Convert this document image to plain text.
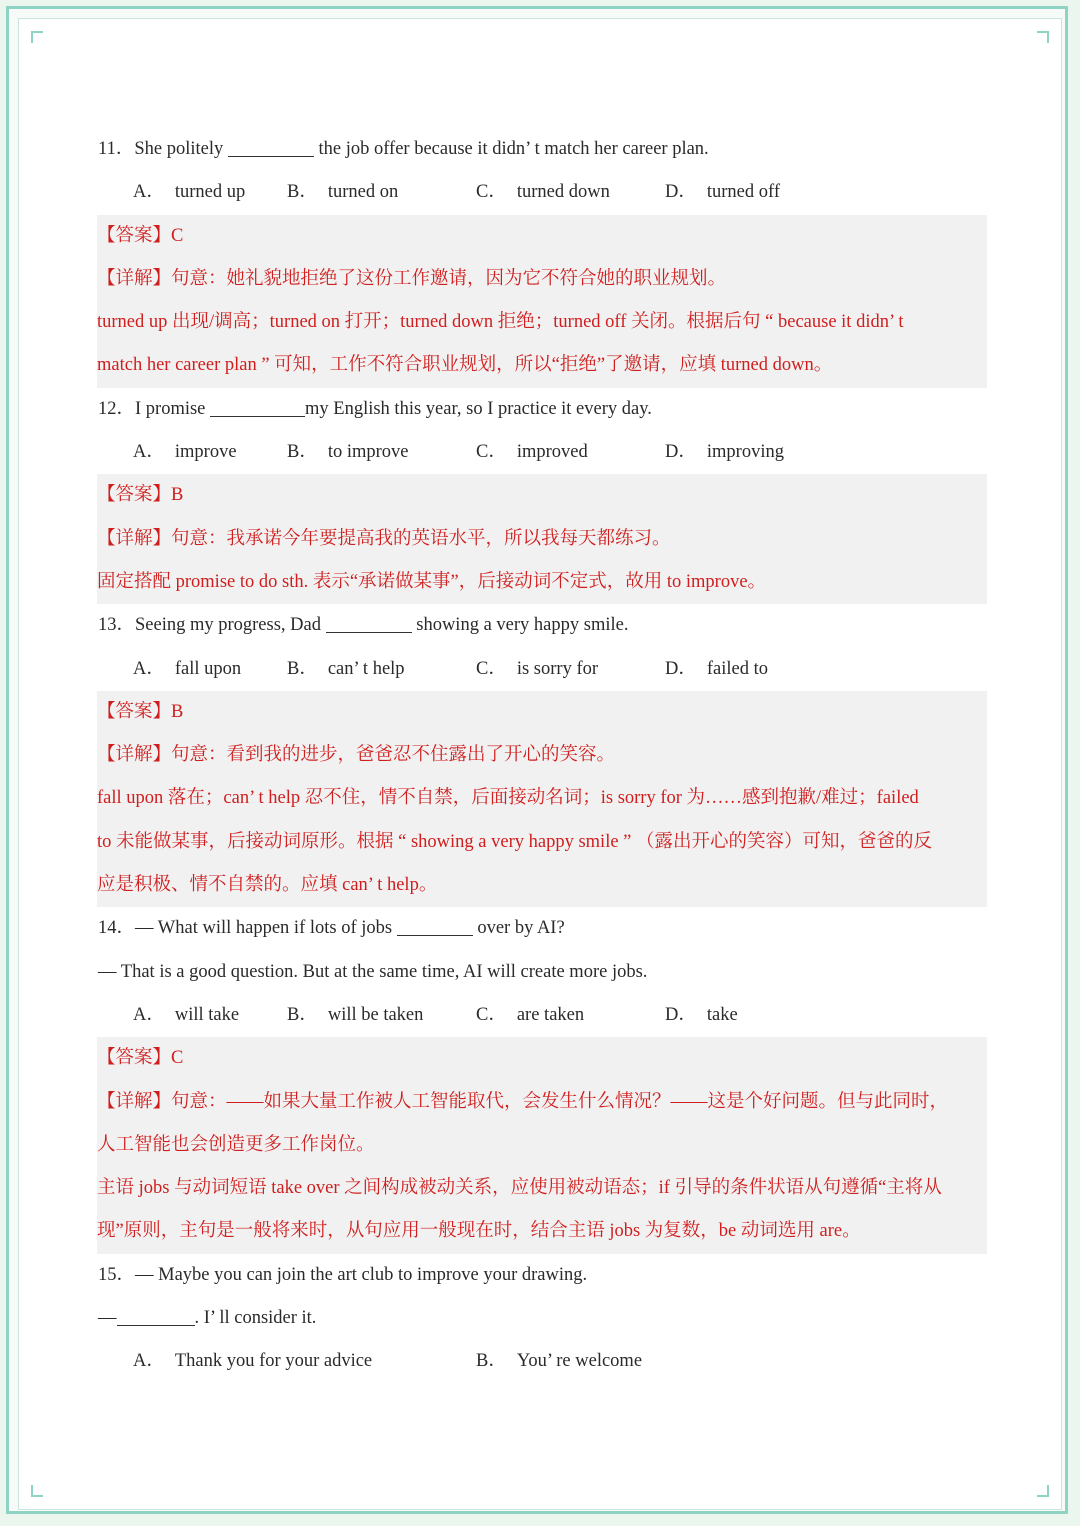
11．She politely	the job offer because it didn’ t match her career plan.
A． turned up B． turned on	C． turned down	D． turned off
【答案】C
【详解】句意：她礼貌地拒绝了这份工作邀请，因为它不符合她的职业规划。
turned up 出现/调高；turned on 打开；turned down 拒绝；turned off 关闭。根据后句 “ because it didn’ t
match her career plan ” 可知，工作不符合职业规划，所以“拒绝”了邀请，应填 turned down。
12．I promise	my English this year, so I practice it every day.
A． improve	B． to improve	C． improved	D． improving
【答案】B
【详解】句意：我承诺今年要提高我的英语水平，所以我每天都练习。
固定搭配 promise to do sth. 表示“承诺做某事”，后接动词不定式，故用 to improve。
13．Seeing my progress, Dad	showing a very happy smile.
A． fall upon B． can’ t help	C． is sorry for	D． failed to
【答案】B
【详解】句意：看到我的进步，爸爸忍不住露出了开心的笑容。
fall upon 落在；can’ t help 忍不住，情不自禁，后面接动名词；is sorry for 为……感到抱歉/难过；failed
to 未能做某事，后接动词原形。根据 “ showing a very happy smile ” （露出开心的笑容）可知，爸爸的反
应是积极、情不自禁的。应填 can’ t help。
14．— What will happen if lots of jobs	over by AI?
— That is a good question. But at the same time, AI will create more jobs.
A． will take	B． will be taken	C． are taken	D． take
【答案】C
【详解】句意：——如果大量工作被人工智能取代，会发生什么情况？——这是个好问题。但与此同时，
人工智能也会创造更多工作岗位。
主语 jobs 与动词短语 take over 之间构成被动关系，应使用被动语态；if 引导的条件状语从句遵循“主将从
现”原则，主句是一般将来时，从句应用一般现在时，结合主语 jobs 为复数，be 动词选用 are。
15．— Maybe you can join the art club to improve your drawing.
—	. I’ ll consider it.
A． Thank you for your advice	B． You’ re welcome
